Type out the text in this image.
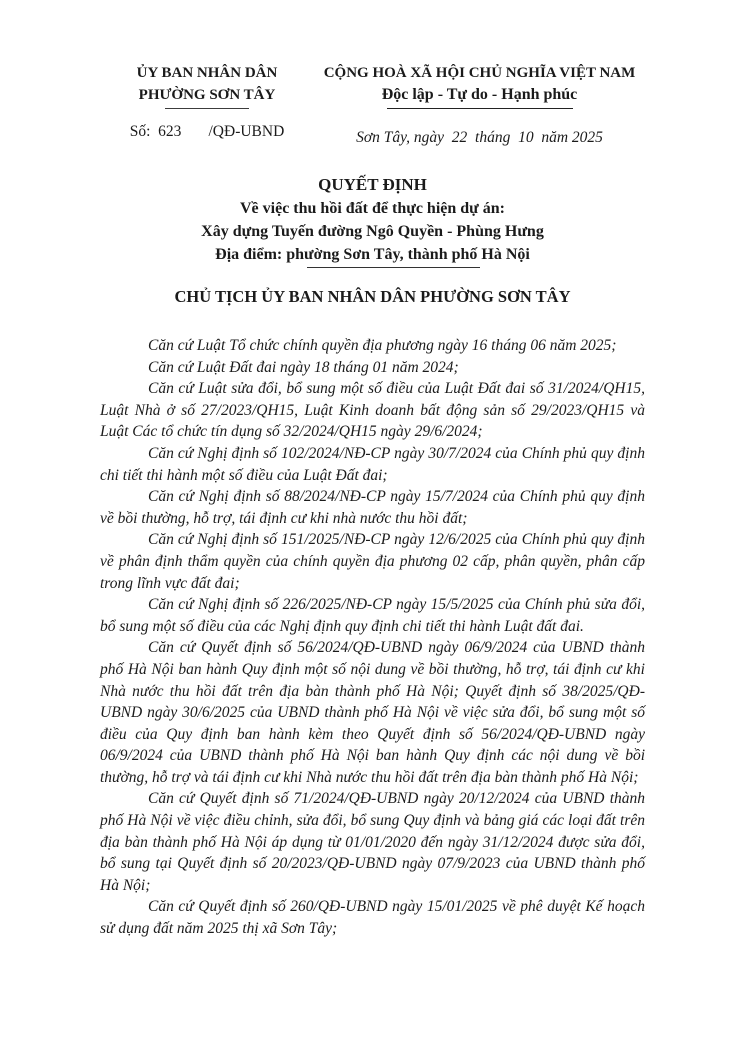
ỦY BAN NHÂN DÂN
PHƯỜNG SƠN TÂY
Số:  623       /QĐ-UBND
CỘNG HOÀ XÃ HỘI CHỦ NGHĨA VIỆT NAM
Độc lập - Tự do - Hạnh phúc
Sơn Tây, ngày  22  tháng  10  năm 2025
QUYẾT ĐỊNH
Về việc thu hồi đất để thực hiện dự án:
Xây dựng Tuyến đường Ngô Quyền - Phùng Hưng
Địa điểm: phường Sơn Tây, thành phố Hà Nội
CHỦ TỊCH ỦY BAN NHÂN DÂN PHƯỜNG SƠN TÂY

Căn cứ Luật Tổ chức chính quyền địa phương ngày 16 tháng 06 năm 2025;

Căn cứ Luật Đất đai ngày 18 tháng 01 năm 2024;

Căn cứ Luật sửa đổi, bổ sung một số điều của Luật Đất đai số 31/2024/QH15, Luật Nhà ở số 27/2023/QH15, Luật Kinh doanh bất động sản số 29/2023/QH15 và Luật Các tổ chức tín dụng số 32/2024/QH15 ngày 29/6/2024;

Căn cứ Nghị định số 102/2024/NĐ-CP ngày 30/7/2024 của Chính phủ quy định chi tiết thi hành một số điều của Luật Đất đai;

Căn cứ Nghị định số 88/2024/NĐ-CP ngày 15/7/2024 của Chính phủ quy định về bồi thường, hỗ trợ, tái định cư khi nhà nước thu hồi đất;

Căn cứ Nghị định số 151/2025/NĐ-CP ngày 12/6/2025 của Chính phủ quy định về phân định thẩm quyền của chính quyền địa phương 02 cấp, phân quyền, phân cấp trong lĩnh vực đất đai;

Căn cứ Nghị định số 226/2025/NĐ-CP ngày 15/5/2025 của Chính phủ sửa đổi, bổ sung một số điều của các Nghị định quy định chi tiết thi hành Luật đất đai.

Căn cứ Quyết định số 56/2024/QĐ-UBND ngày 06/9/2024 của UBND thành phố Hà Nội ban hành Quy định một số nội dung về bồi thường, hỗ trợ, tái định cư khi Nhà nước thu hồi đất trên địa bàn thành phố Hà Nội; Quyết định số 38/2025/QĐ-UBND ngày 30/6/2025 của UBND thành phố Hà Nội về việc sửa đổi, bổ sung một số điều của Quy định ban hành kèm theo Quyết định số 56/2024/QĐ-UBND ngày 06/9/2024 của UBND thành phố Hà Nội ban hành Quy định các nội dung về bồi thường, hỗ trợ và tái định cư khi Nhà nước thu hồi đất trên địa bàn thành phố Hà Nội;

Căn cứ Quyết định số 71/2024/QĐ-UBND ngày 20/12/2024 của UBND thành phố Hà Nội về việc điều chỉnh, sửa đổi, bổ sung Quy định và bảng giá các loại đất trên địa bàn thành phố Hà Nội áp dụng từ 01/01/2020 đến ngày 31/12/2024 được sửa đổi, bổ sung tại Quyết định số 20/2023/QĐ-UBND ngày 07/9/2023 của UBND thành phố Hà Nội;

Căn cứ Quyết định số 260/QĐ-UBND ngày 15/01/2025 về phê duyệt Kế hoạch sử dụng đất năm 2025 thị xã Sơn Tây;
